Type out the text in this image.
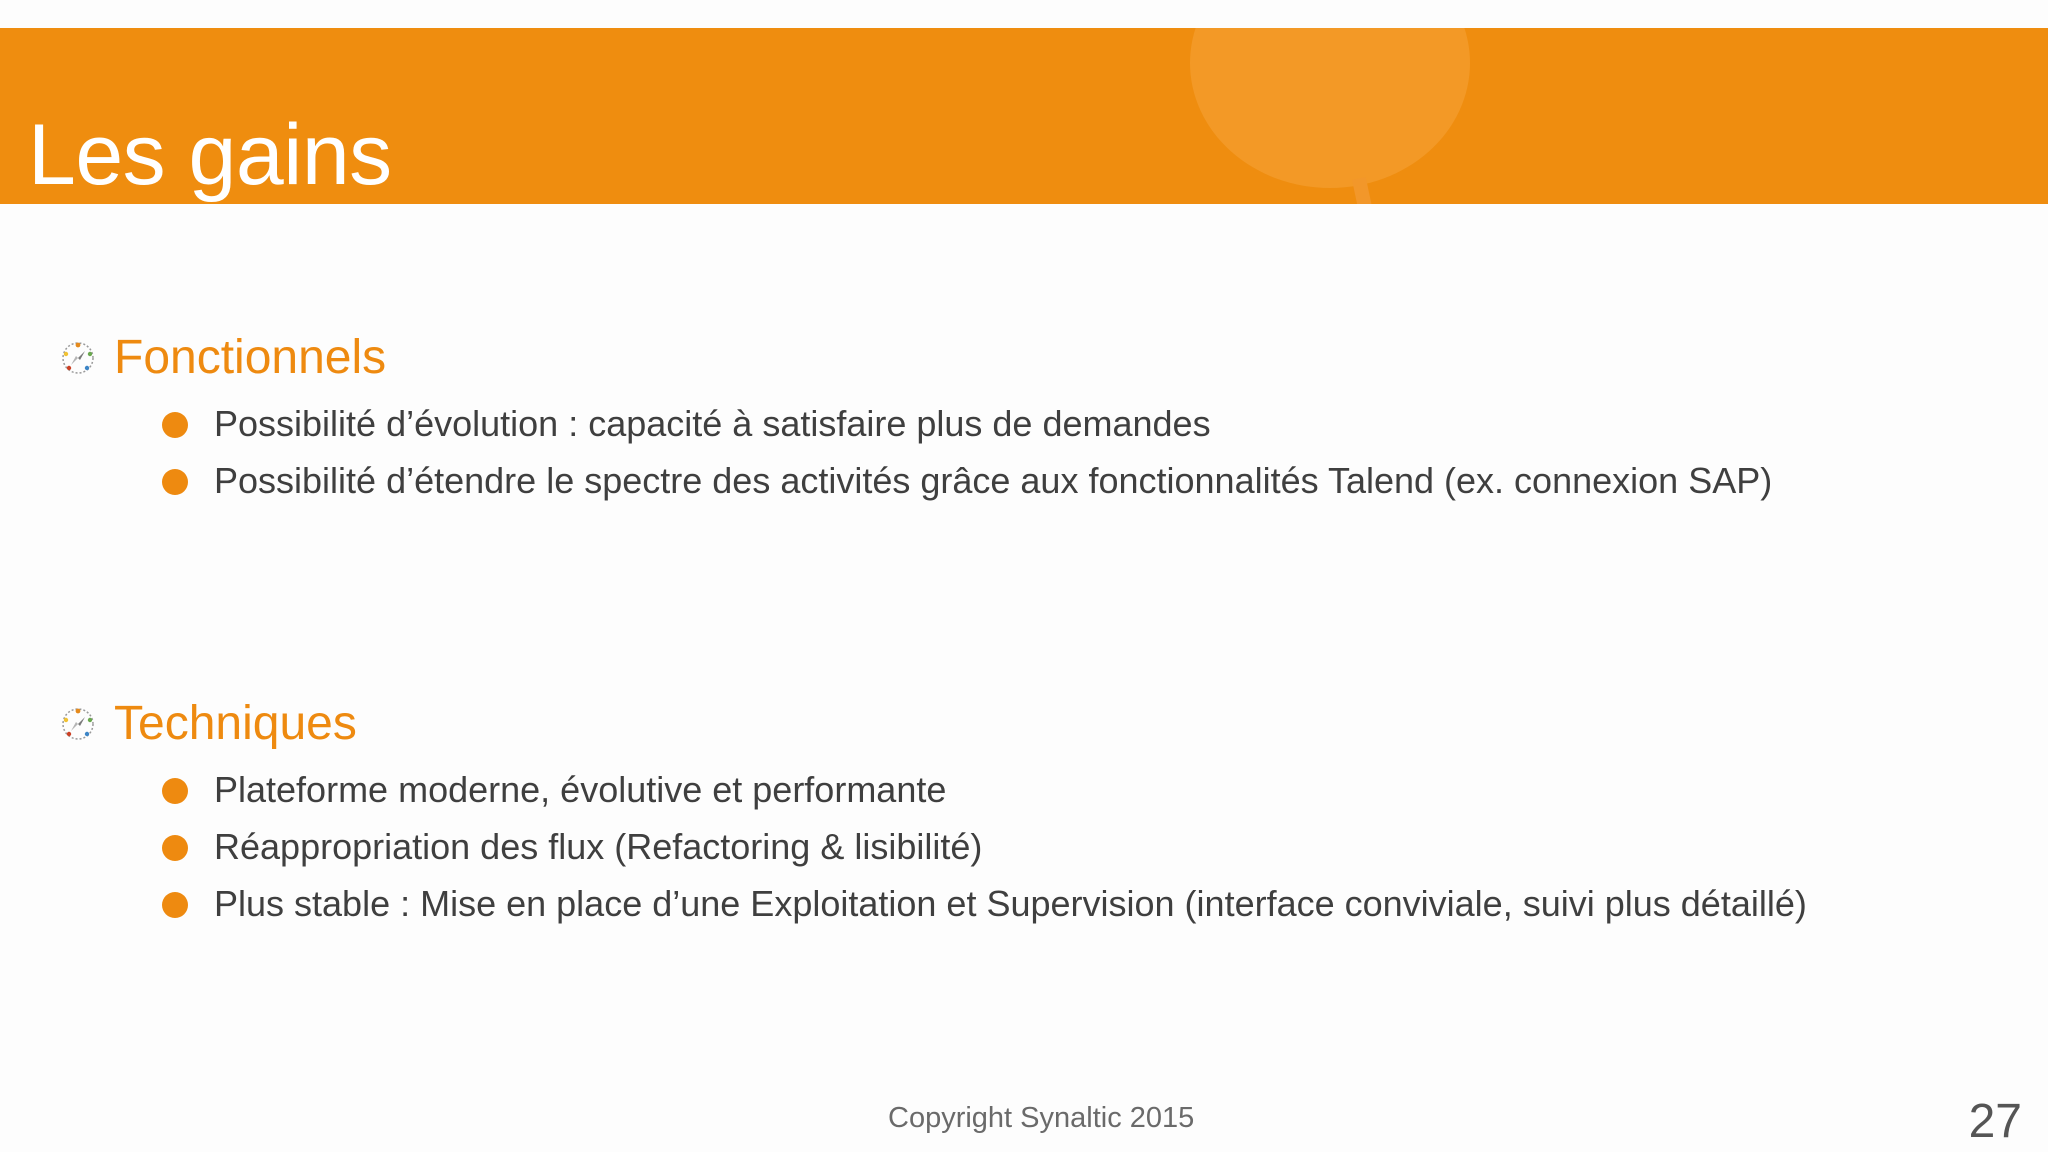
Les gains
Fonctionnels
Possibilité d’évolution : capacité à satisfaire plus de demandes
Possibilité d’étendre le spectre des activités grâce aux fonctionnalités Talend (ex. connexion SAP)
Techniques
Plateforme moderne, évolutive et performante
Réappropriation des flux (Refactoring & lisibilité)
Plus stable : Mise en place d’une Exploitation et Supervision (interface conviviale, suivi plus détaillé)
Copyright Synaltic 2015	27
